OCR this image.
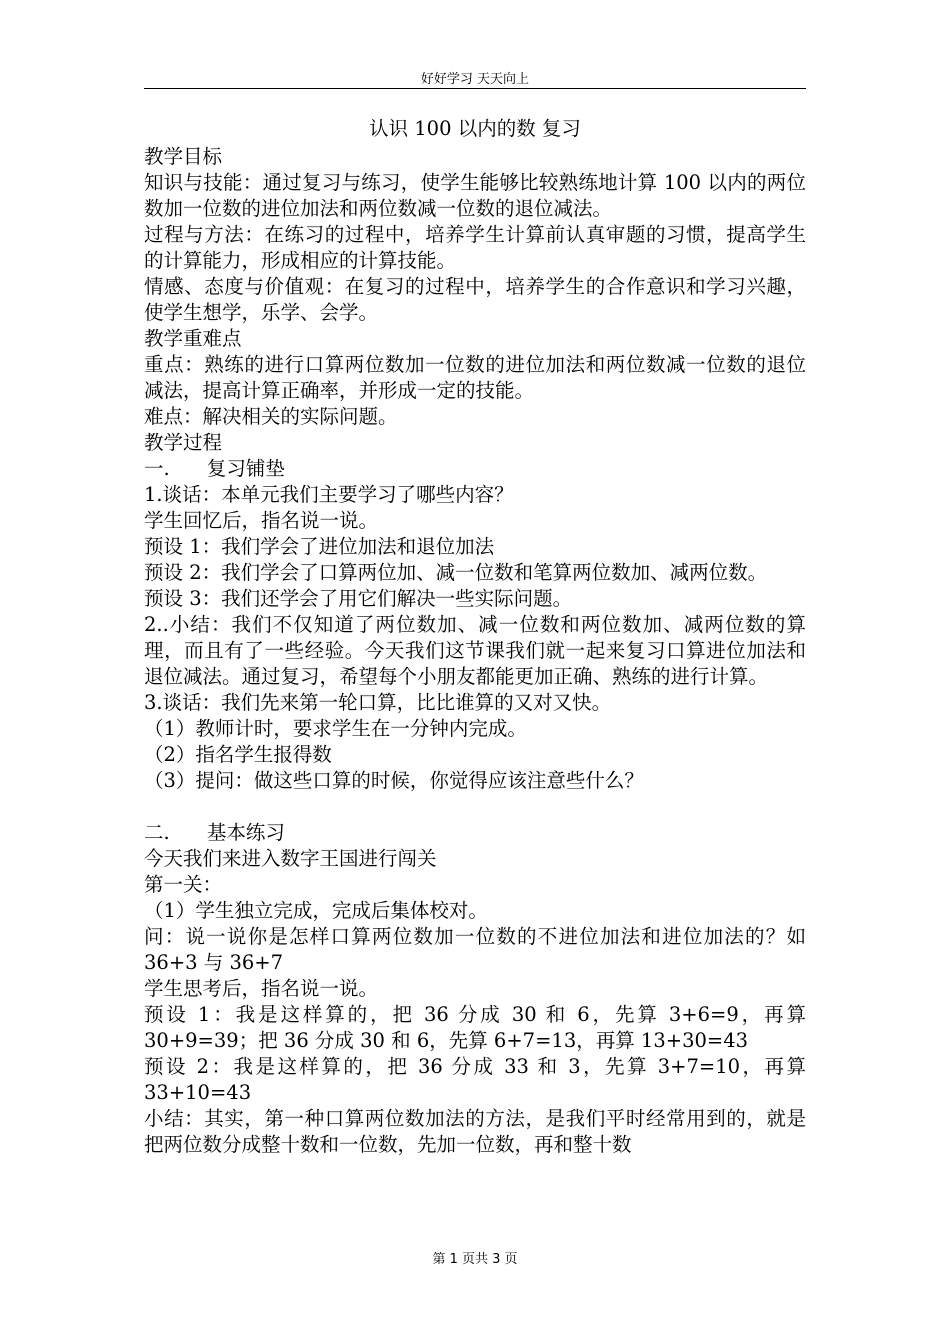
好好学习 天天向上

认识 100 以内的数 复习

教学目标

知识与技能：通过复习与练习，使学生能够比较熟练地计算 100 以内的两位数加一位数的进位加法和两位数减一位数的退位减法。

过程与方法：在练习的过程中，培养学生计算前认真审题的习惯，提高学生的计算能力，形成相应的计算技能。

情感、态度与价值观：在复习的过程中，培养学生的合作意识和学习兴趣，使学生想学，乐学、会学。

教学重难点

重点：熟练的进行口算两位数加一位数的进位加法和两位数减一位数的退位减法，提高计算正确率，并形成一定的技能。

难点：解决相关的实际问题。

教学过程

一.      复习铺垫

1.谈话：本单元我们主要学习了哪些内容？

学生回忆后，指名说一说。

预设 1：我们学会了进位加法和退位加法

预设 2：我们学会了口算两位加、减一位数和笔算两位数加、减两位数。

预设 3：我们还学会了用它们解决一些实际问题。

2..小结：我们不仅知道了两位数加、减一位数和两位数加、减两位数的算理，而且有了一些经验。今天我们这节课我们就一起来复习口算进位加法和退位减法。通过复习，希望每个小朋友都能更加正确、熟练的进行计算。

3.谈话：我们先来第一轮口算，比比谁算的又对又快。

（1）教师计时，要求学生在一分钟内完成。

（2）指名学生报得数

（3）提问：做这些口算的时候，你觉得应该注意些什么？

二.      基本练习

今天我们来进入数字王国进行闯关

第一关：

（1）学生独立完成，完成后集体校对。

问：说一说你是怎样口算两位数加一位数的不进位加法和进位加法的？如 36+3 与 36+7

学生思考后，指名说一说。

预设 1：我是这样算的，把 36 分成 30 和 6，先算 3+6=9，再算 30+9=39；把 36 分成 30 和 6，先算 6+7=13，再算 13+30=43

预设 2：我是这样算的，把 36 分成 33 和 3，先算 3+7=10，再算 33+10=43

小结：其实，第一种口算两位数加法的方法，是我们平时经常用到的，就是把两位数分成整十数和一位数，先加一位数，再和整十数

第 1 页共 3 页
